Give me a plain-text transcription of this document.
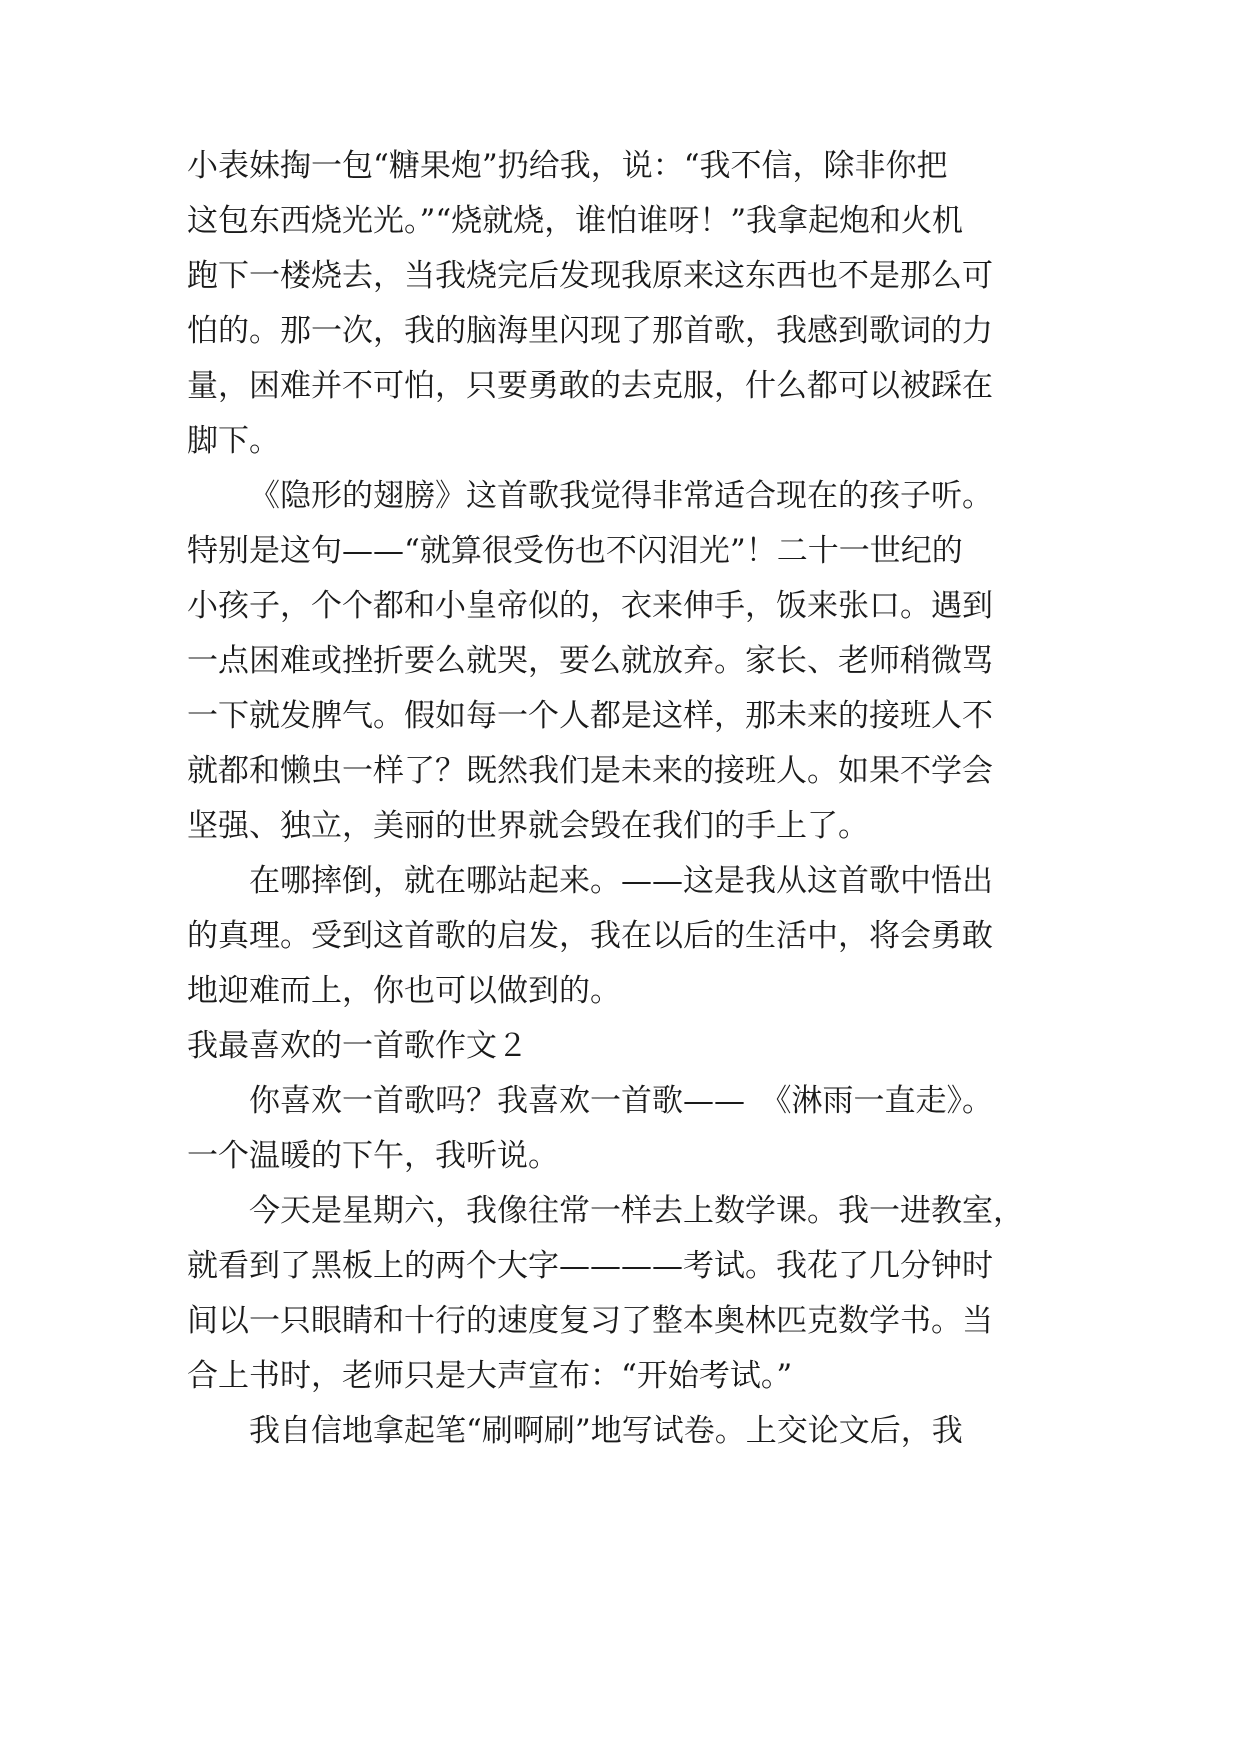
小表妹掏一包“糖果炮”扔给我，说：“我不信，除非你把

这包东西烧光光。”“烧就烧，谁怕谁呀！”我拿起炮和火机

跑下一楼烧去，当我烧完后发现我原来这东西也不是那么可

怕的。那一次，我的脑海里闪现了那首歌，我感到歌词的力

量，困难并不可怕，只要勇敢的去克服，什么都可以被踩在

脚下。

《隐形的翅膀》这首歌我觉得非常适合现在的孩子听。

特别是这句——“就算很受伤也不闪泪光”！二十一世纪的

小孩子，个个都和小皇帝似的，衣来伸手，饭来张口。遇到

一点困难或挫折要么就哭，要么就放弃。家长、老师稍微骂

一下就发脾气。假如每一个人都是这样，那未来的接班人不

就都和懒虫一样了？既然我们是未来的接班人。如果不学会

坚强、独立，美丽的世界就会毁在我们的手上了。

在哪摔倒，就在哪站起来。——这是我从这首歌中悟出

的真理。受到这首歌的启发，我在以后的生活中，将会勇敢

地迎难而上，你也可以做到的。

我最喜欢的一首歌作文２

你喜欢一首歌吗？我喜欢一首歌——　《淋雨一直走》。

一个温暖的下午，我听说。

今天是星期六，我像往常一样去上数学课。我一进教室，

就看到了黑板上的两个大字————考试。我花了几分钟时

间以一只眼睛和十行的速度复习了整本奥林匹克数学书。当

合上书时，老师只是大声宣布：“开始考试。”

我自信地拿起笔“刷啊刷”地写试卷。上交论文后，我
